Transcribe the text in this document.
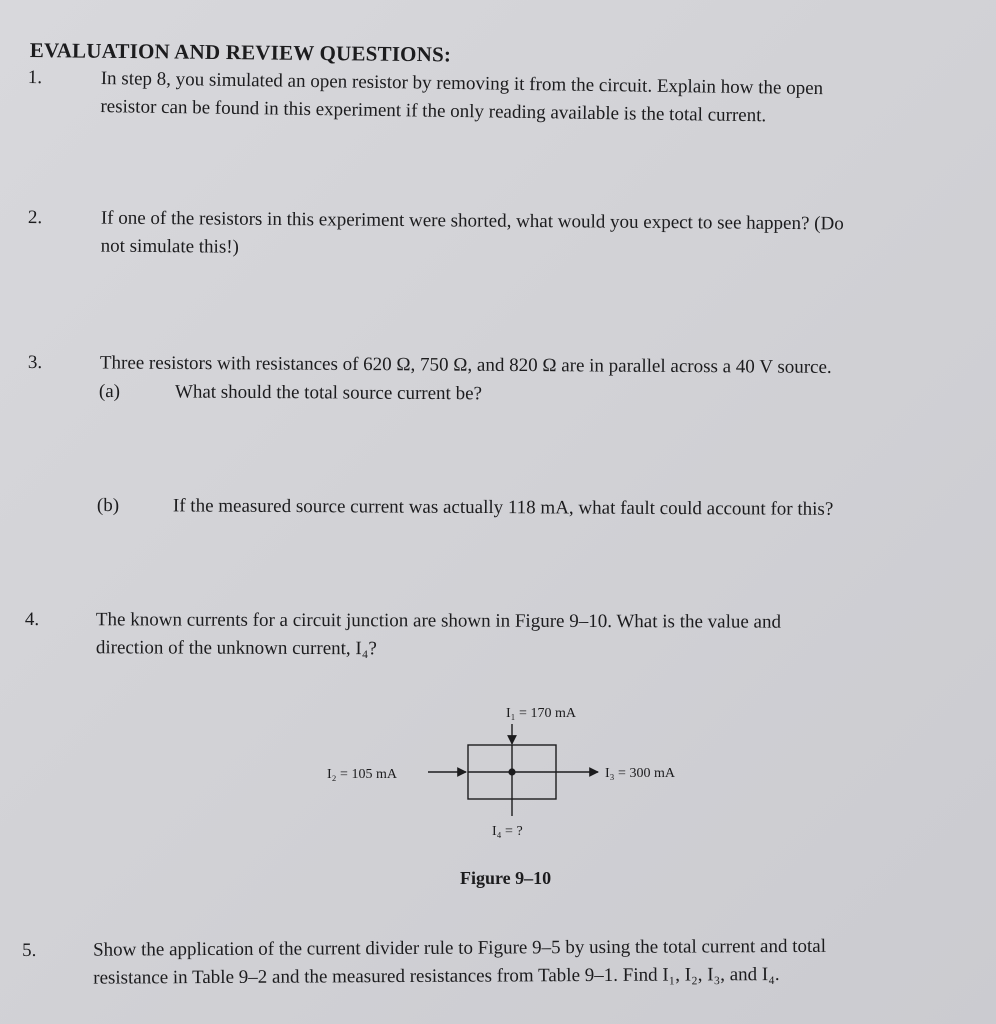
EVALUATION AND REVIEW QUESTIONS:
1.	In step 8, you simulated an open resistor by removing it from the circuit. Explain how the open
resistor can be found in this experiment if the only reading available is the total current.
2.	If one of the resistors in this experiment were shorted, what would you expect to see happen? (Do
not simulate this!)
3.	Three resistors with resistances of 620 Ω, 750 Ω, and 820 Ω are in parallel across a 40 V source.
(a)	What should the total source current be?
(b)	If the measured source current was actually 118 mA, what fault could account for this?
4.	The known currents for a circuit junction are shown in Figure 9–10. What is the value and
direction of the unknown current, I₄?
I₁ = 170 mA
I₂ = 105 mA	I₃ = 300 mA
I₄ = ?
Figure 9–10
5.	Show the application of the current divider rule to Figure 9–5 by using the total current and total
resistance in Table 9–2 and the measured resistances from Table 9–1. Find I₁, I₂, I₃, and I₄.
